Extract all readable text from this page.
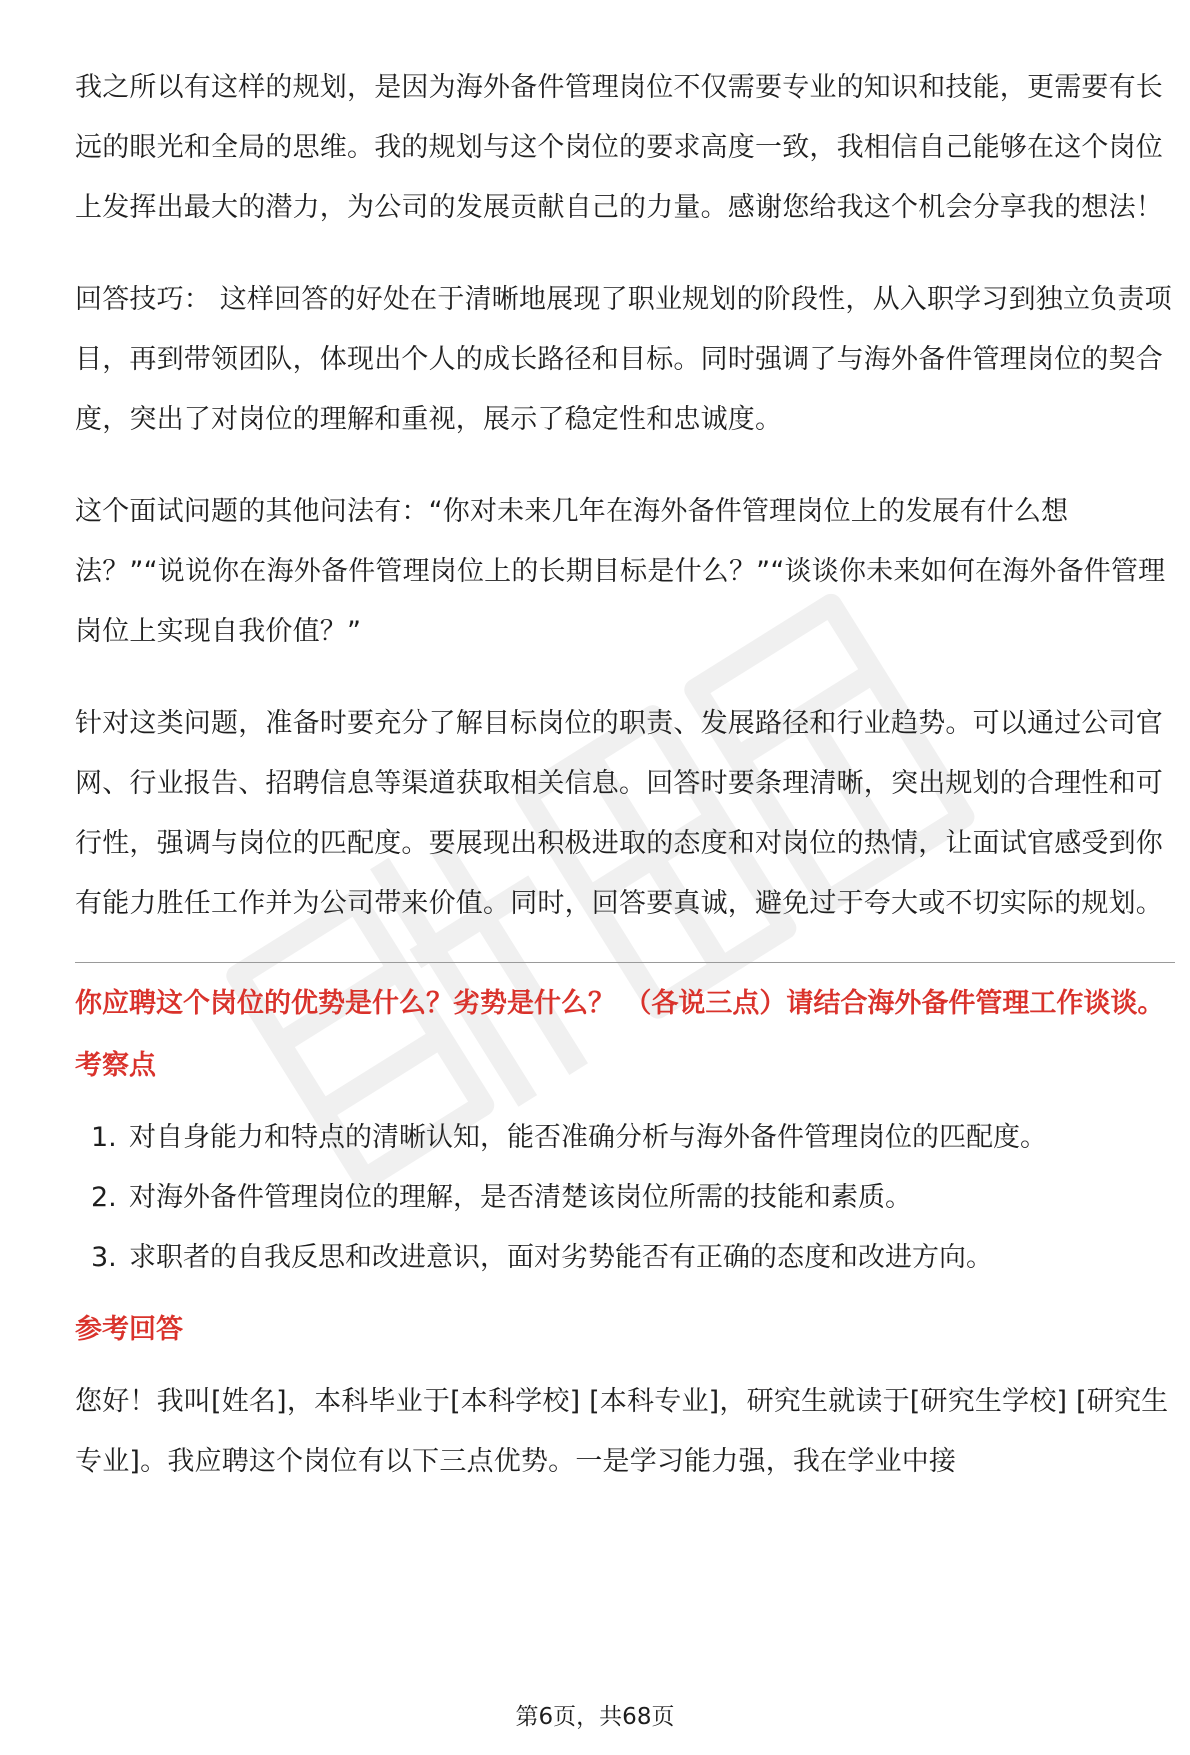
我之所以有这样的规划，是因为海外备件管理岗位不仅需要专业的知识和技能，更需要有长远的眼光和全局的思维。我的规划与这个岗位的要求高度一致，我相信自己能够在这个岗位上发挥出最大的潜力，为公司的发展贡献自己的力量。感谢您给我这个机会分享我的想法！

回答技巧： 这样回答的好处在于清晰地展现了职业规划的阶段性，从入职学习到独立负责项目，再到带领团队，体现出个人的成长路径和目标。同时强调了与海外备件管理岗位的契合度，突出了对岗位的理解和重视，展示了稳定性和忠诚度。

这个面试问题的其他问法有：“你对未来几年在海外备件管理岗位上的发展有什么想法？”“说说你在海外备件管理岗位上的长期目标是什么？”“谈谈你未来如何在海外备件管理岗位上实现自我价值？”

针对这类问题，准备时要充分了解目标岗位的职责、发展路径和行业趋势。可以通过公司官网、行业报告、招聘信息等渠道获取相关信息。回答时要条理清晰，突出规划的合理性和可行性，强调与岗位的匹配度。要展现出积极进取的态度和对岗位的热情，让面试官感受到你有能力胜任工作并为公司带来价值。同时，回答要真诚，避免过于夸大或不切实际的规划。

你应聘这个岗位的优势是什么？劣势是什么？ （各说三点）请结合海外备件管理工作谈谈。

考察点
1. 对自身能力和特点的清晰认知，能否准确分析与海外备件管理岗位的匹配度。
2. 对海外备件管理岗位的理解，是否清楚该岗位所需的技能和素质。
3. 求职者的自我反思和改进意识，面对劣势能否有正确的态度和改进方向。
参考回答

您好！我叫[姓名]，本科毕业于[本科学校] [本科专业]，研究生就读于[研究生学校] [研究生专业]。我应聘这个岗位有以下三点优势。一是学习能力强，我在学业中接

第6页，共68页
